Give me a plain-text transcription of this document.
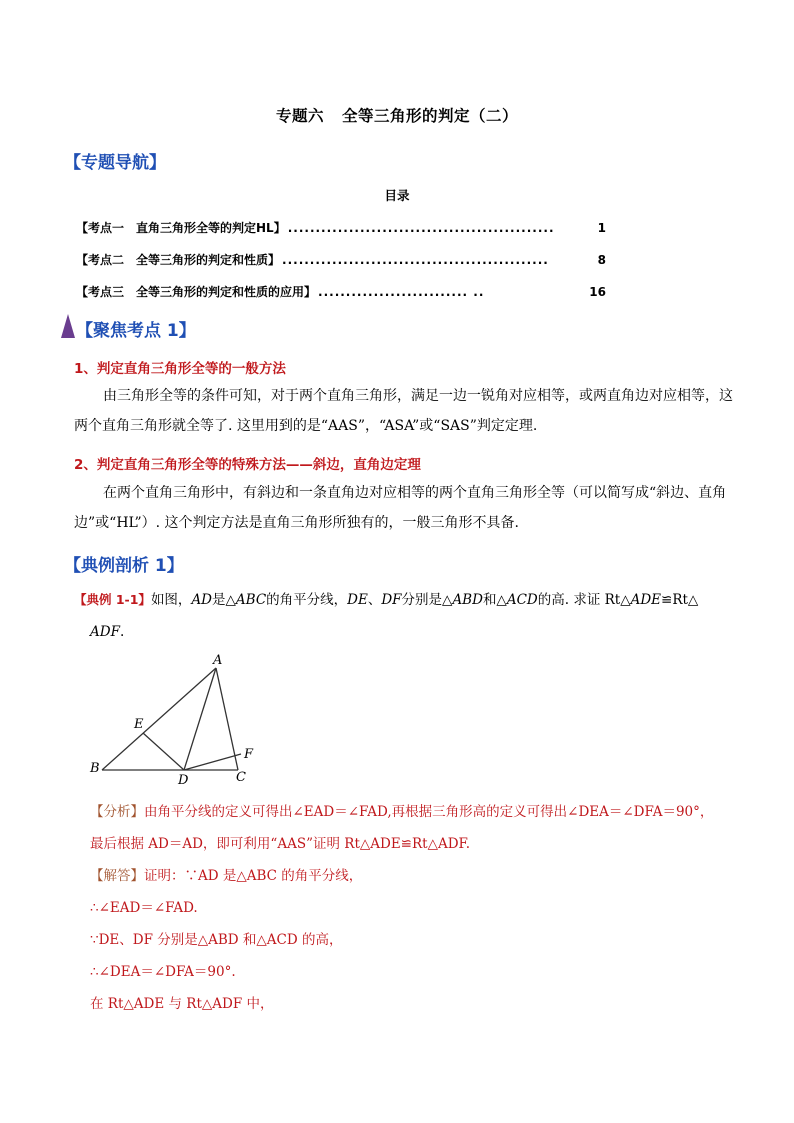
专题六 全等三角形的判定（二）
【专题导航】
目录
【考点一　直角三角形全等的判定HL】 ................................................	1
【考点二　全等三角形的判定和性质】 ................................................	8
【考点三　全等三角形的判定和性质的应用】 ........................... ..	16
【聚焦考点 1】
1、判定直角三角形全等的一般方法
由三角形全等的条件可知，对于两个直角三角形，满足一边一锐角对应相等，或两直角边对应相等，这两个直角三角形就全等了. 这里用到的是“AAS”，“ASA”或“SAS”判定定理.
2、判定直角三角形全等的特殊方法——斜边，直角边定理
在两个直角三角形中，有斜边和一条直角边对应相等的两个直角三角形全等（可以简写成“斜边、直角边”或“HL”）. 这个判定方法是直角三角形所独有的，一般三角形不具备.
【典例剖析 1】
【典例 1-1】如图，AD是△ABC的角平分线，DE、DF分别是△ABD和△ACD的高. 求证 Rt△ADE≌Rt△
ADF.
A
B
C
D
E
F
【分析】由角平分线的定义可得出∠EAD＝∠FAD,再根据三角形高的定义可得出∠DEA＝∠DFA＝90°，
最后根据 AD＝AD，即可利用“AAS”证明 Rt△ADE≌Rt△ADF.
【解答】证明：∵AD 是△ABC 的角平分线，
∴∠EAD＝∠FAD.
∵DE、DF 分别是△ABD 和△ACD 的高，
∴∠DEA＝∠DFA＝90°.
在 Rt△ADE 与 Rt△ADF 中，
